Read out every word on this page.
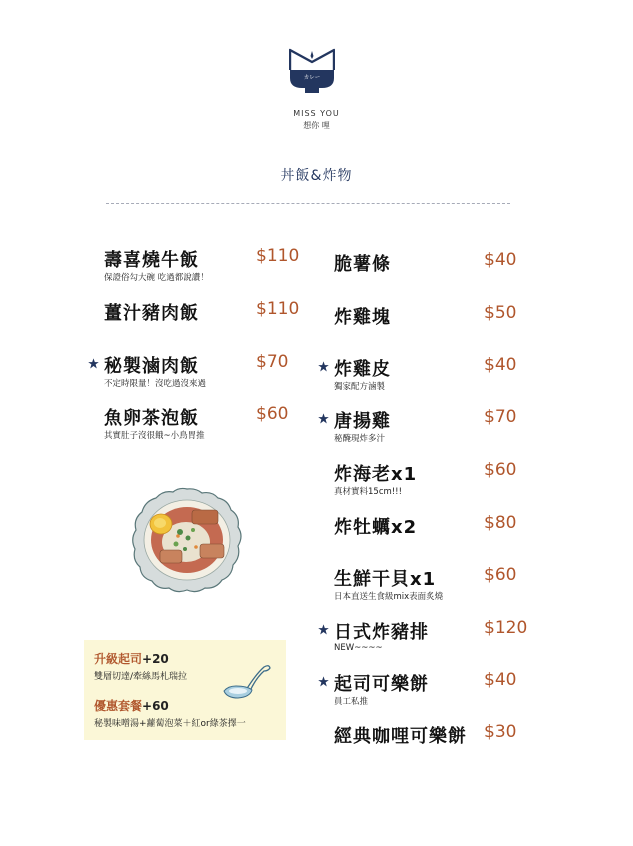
カレー
MISS YOU
想你 哩
丼飯&炸物
壽喜燒牛飯	$110
保證俗勾大碗 吃過都說讚！
薑汁豬肉飯	$110
秘製滷肉飯	$70
不定時限量！沒吃過沒來過
魚卵茶泡飯	$60
其實肚子沒很餓~小鳥胃推
升級起司+20
雙層切達/牽絲馬札瑞拉
優惠套餐+60
秘製味噌湯+蘿蔔泡菜＋紅or綠茶擇一
脆薯條	$40
炸雞塊	$50
炸雞皮	$40
獨家配方滷製
唐揚雞	$70
秘醃現炸多汁
炸海老x1	$60
真材實料15cm!!!
炸牡蠣x2	$80
生鮮干貝x1	$60
日本直送生食級mix表面炙燒
日式炸豬排	$120
NEW~~~~
起司可樂餅	$40
員工私推
經典咖哩可樂餅 $30
